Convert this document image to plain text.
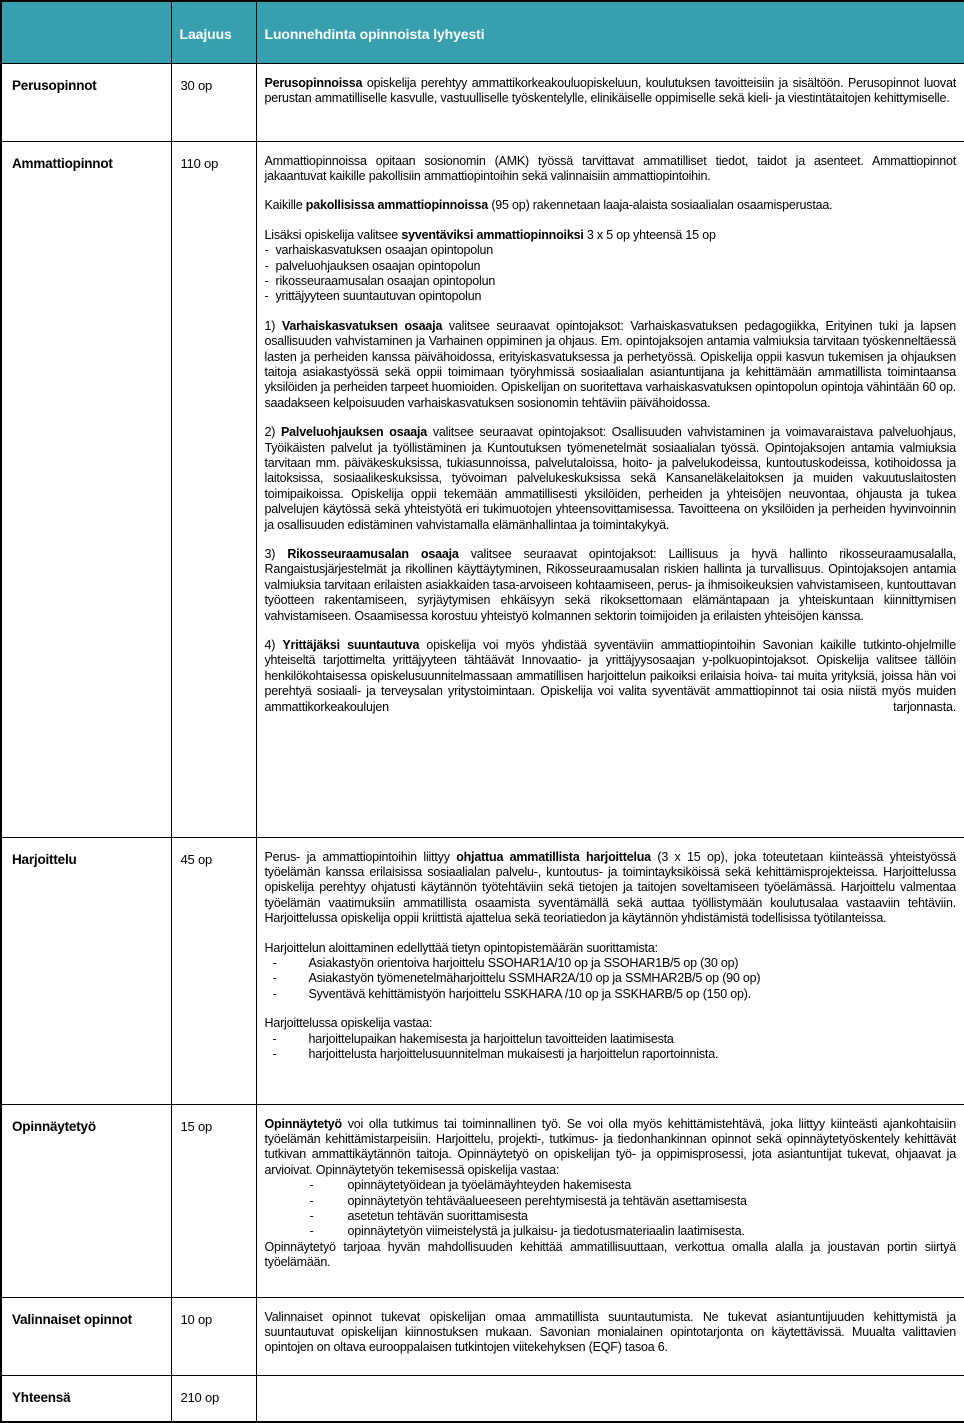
	Laajuus	Luonnehdinta opinnoista lyhyesti
Perusopinnot	30 op	Perusopinnoissa opiskelija perehtyy ammattikorkeakouluopiskeluun, koulutuksen tavoitteisiin ja sisältöön. Perusopinnot luovat perustan ammatilliselle kasvulle, vastuulliselle työskentelylle, elinikäiselle oppimiselle sekä kieli- ja viestintätaitojen kehittymiselle.

Ammattiopinnot	110 op	Ammattiopinnoissa opitaan sosionomin (AMK) työssä tarvittavat ammatilliset tiedot, taidot ja asenteet. Ammattiopinnot jakaantuvat kaikille pakollisiin ammattiopintoihin sekä valinnaisiin ammattiopintoihin.
Kaikille pakollisissa ammattiopinnoissa (95 op) rakennetaan laaja-alaista sosiaalialan osaamisperustaa.
Lisäksi opiskelija valitsee syventäviksi ammattiopinnoiksi 3 x 5 op yhteensä 15 op
- varhaiskasvatuksen osaajan opintopolun
- palveluohjauksen osaajan opintopolun
- rikosseuraamusalan osaajan opintopolun
- yrittäjyyteen suuntautuvan opintopolun
1) Varhaiskasvatuksen osaaja valitsee seuraavat opintojaksot: Varhaiskasvatuksen pedagogiikka, Erityinen tuki ja lapsen osallisuuden vahvistaminen ja Varhainen oppiminen ja ohjaus. Em. opintojaksojen antamia valmiuksia tarvitaan työskenneltäessä lasten ja perheiden kanssa päivähoidossa, erityiskasvatuksessa ja perhetyössä. Opiskelija oppii kasvun tukemisen ja ohjauksen taitoja asiakastyössä sekä oppii toimimaan työryhmissä sosiaalialan asiantuntijana ja kehittämään ammatillista toimintaansa yksilöiden ja perheiden tarpeet huomioiden. Opiskelijan on suoritettava varhaiskasvatuksen opintopolun opintoja vähintään 60 op. saadakseen kelpoisuuden varhaiskasvatuksen sosionomin tehtäviin päivähoidossa.
2) Palveluohjauksen osaaja valitsee seuraavat opintojaksot: Osallisuuden vahvistaminen ja voimavaraistava palveluohjaus, Työikäisten palvelut ja työllistäminen ja Kuntoutuksen työmenetelmät sosiaalialan työssä. Opintojaksojen antamia valmiuksia tarvitaan mm. päiväkeskuksissa, tukiasunnoissa, palvelutaloissa, hoito- ja palvelukodeissa, kuntoutuskodeissa, kotihoidossa ja laitoksissa, sosiaalikeskuksissa, työvoiman palvelukeskuksissa sekä Kansaneläkelaitoksen ja muiden vakuutuslaitosten toimipaikoissa. Opiskelija oppii tekemään ammatillisesti yksilöiden, perheiden ja yhteisöjen neuvontaa, ohjausta ja tukea palvelujen käytössä sekä yhteistyötä eri tukimuotojen yhteensovittamisessa. Tavoitteena on yksilöiden ja perheiden hyvinvoinnin ja osallisuuden edistäminen vahvistamalla elämänhallintaa ja toimintakykyä.
3) Rikosseuraamusalan osaaja valitsee seuraavat opintojaksot: Laillisuus ja hyvä hallinto rikosseuraamusalalla, Rangaistusjärjestelmät ja rikollinen käyttäytyminen, Rikosseuraamusalan riskien hallinta ja turvallisuus. Opintojaksojen antamia valmiuksia tarvitaan erilaisten asiakkaiden tasa-arvoiseen kohtaamiseen, perus- ja ihmisoikeuksien vahvistamiseen, kuntouttavan työotteen rakentamiseen, syrjäytymisen ehkäisyyn sekä rikoksettomaan elämäntapaan ja yhteiskuntaan kiinnittymisen vahvistamiseen. Osaamisessa korostuu yhteistyö kolmannen sektorin toimijoiden ja erilaisten yhteisöjen kanssa.
4) Yrittäjäksi suuntautuva opiskelija voi myös yhdistää syventäviin ammattiopintoihin Savonian kaikille tutkinto-ohjelmille yhteiseltä tarjottimelta yrittäjyyteen tähtäävät Innovaatio- ja yrittäjyysosaajan y-polkuopintojaksot. Opiskelija valitsee tällöin henkilökohtaisessa opiskelusuunnitelmassaan ammatillisen harjoittelun paikoiksi erilaisia hoiva- tai muita yrityksiä, joissa hän voi perehtyä sosiaali- ja terveysalan yritystoimintaan. Opiskelija voi valita syventävät ammattiopinnot tai osia niistä myös muiden ammattikorkeakoulujen tarjonnasta.

Harjoittelu	45 op	Perus- ja ammattiopintoihin liittyy ohjattua ammatillista harjoittelua (3 x 15 op), joka toteutetaan kiinteässä yhteistyössä työelämän kanssa erilaisissa sosiaalialan palvelu-, kuntoutus- ja toimintayksiköissä sekä kehittämisprojekteissa. Harjoittelussa opiskelija perehtyy ohjatusti käytännön työtehtäviin sekä tietojen ja taitojen soveltamiseen työelämässä. Harjoittelu valmentaa työelämän vaatimuksiin ammatillista osaamista syventämällä sekä auttaa työllistymään koulutusalaa vastaaviin tehtäviin. Harjoittelussa opiskelija oppii kriittistä ajattelua sekä teoriatiedon ja käytännön yhdistämistä todellisissa työtilanteissa.
Harjoittelun aloittaminen edellyttää tietyn opintopistemäärän suorittamista:
-	Asiakastyön orientoiva harjoittelu SSOHAR1A/10 op ja SSOHAR1B/5 op (30 op)
-	Asiakastyön työmenetelmäharjoittelu SSMHAR2A/10 op ja SSMHAR2B/5 op (90 op)
-	Syventävä kehittämistyön harjoittelu SSKHARA /10 op ja SSKHARB/5 op (150 op).
Harjoittelussa opiskelija vastaa:
-	harjoittelupaikan hakemisesta ja harjoittelun tavoitteiden laatimisesta
-	harjoittelusta harjoittelusuunnitelman mukaisesti ja harjoittelun raportoinnista.

Opinnäytetyö	15 op	Opinnäytetyö voi olla tutkimus tai toiminnallinen työ. Se voi olla myös kehittämistehtävä, joka liittyy kiinteästi ajankohtaisiin työelämän kehittämistarpeisiin. Harjoittelu, projekti-, tutkimus- ja tiedonhankinnan opinnot sekä opinnäytetyöskentely kehittävät tutkivan ammattikäytännön taitoja. Opinnäytetyö on opiskelijan työ- ja oppimisprosessi, jota asiantuntijat tukevat, ohjaavat ja arvioivat. Opinnäytetyön tekemisessä opiskelija vastaa:
-	opinnäytetyöidean ja työelämäyhteyden hakemisesta
-	opinnäytetyön tehtäväalueeseen perehtymisestä ja tehtävän asettamisesta
-	asetetun tehtävän suorittamisesta
-	opinnäytetyön viimeistelystä ja julkaisu- ja tiedotusmateriaalin laatimisesta.
Opinnäytetyö tarjoaa hyvän mahdollisuuden kehittää ammatillisuuttaan, verkottua omalla alalla ja joustavan portin siirtyä työelämään.

Valinnaiset opinnot	10 op	Valinnaiset opinnot tukevat opiskelijan omaa ammatillista suuntautumista. Ne tukevat asiantuntijuuden kehittymistä ja suuntautuvat opiskelijan kiinnostuksen mukaan. Savonian monialainen opintotarjonta on käytettävissä. Muualta valittavien opintojen on oltava eurooppalaisen tutkintojen viitekehyksen (EQF) tasoa 6.

Yhteensä	210 op	
